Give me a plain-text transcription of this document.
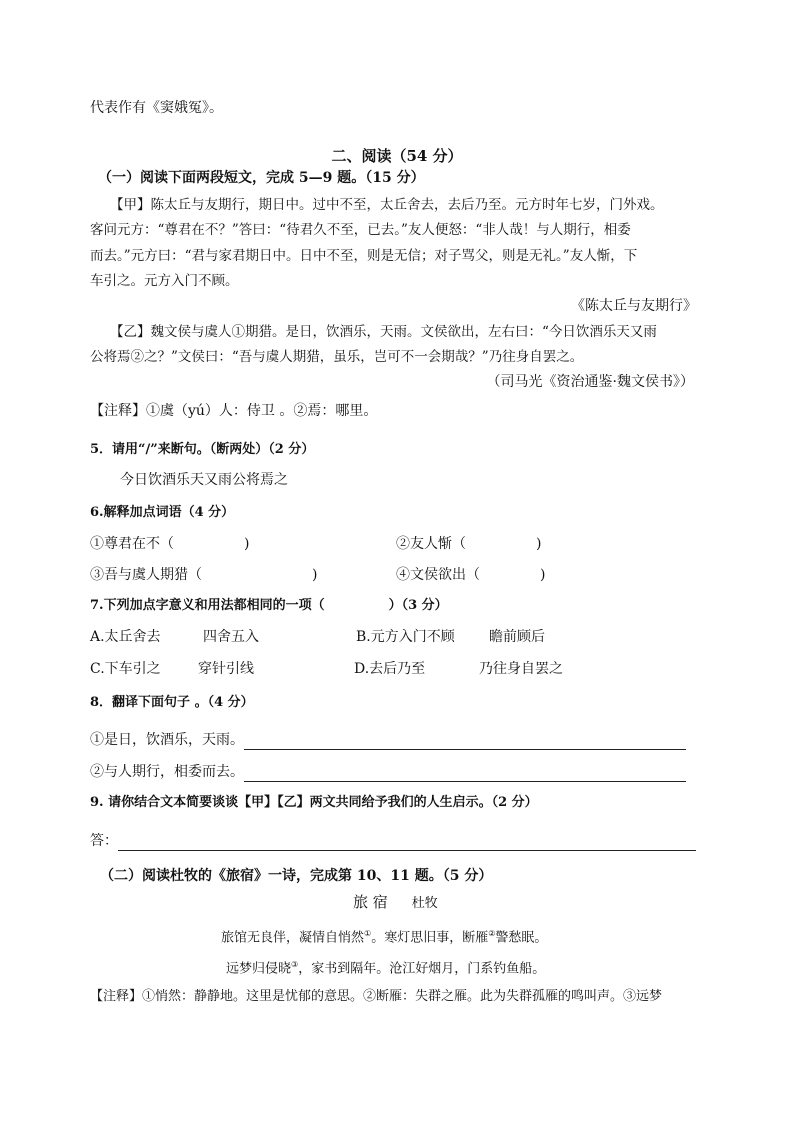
代表作有《窦娥冤》。
二、阅读（54 分）
（一）阅读下面两段短文，完成 5—9 题。（15 分）
【甲】陈太丘与友期行，期日中。过中不至，太丘舍去，去后乃至。元方时年七岁，门外戏。
客问元方：“尊君在不？”答曰：“待君久不至，已去。”友人便怒：“非人哉！与人期行，相委
而去。”元方曰：“君与家君期日中。日中不至，则是无信；对子骂父，则是无礼。”友人惭，下
车引之。元方入门不顾。
《陈太丘与友期行》
【乙】魏文侯与虞人①期猎。是日，饮酒乐，天雨。文侯欲出，左右曰：“今日饮酒乐天又雨
公将焉②之？”文侯曰：“吾与虞人期猎，虽乐，岂可不一会期哉？”乃往身自罢之。
（司马光《资治通鉴·魏文侯书》）
【注释】①虞（yú）人：侍卫 。②焉：哪里。
5．请用“/”来断句。（断两处）（2 分）
今日饮酒乐天又雨公将焉之
6.解释加点词语（4 分）
①尊君在不（	)	②友人惭（	)
③吾与虞人期猎（	)	④文侯欲出（	)
7.下列加点字意义和用法都相同的一项（	）（3 分）
A.太丘舍去	四舍五入	B.元方入门不顾 瞻前顾后
C.下车引之	穿针引线	D.去后乃至	乃往身自罢之
8．翻译下面句子 。（4 分）
①是日，饮酒乐，天雨。
②与人期行，相委而去。
9. 请你结合文本简要谈谈【甲】【乙】两文共同给予我们的人生启示。（2 分）
答：
（二）阅读杜牧的《旅宿》一诗，完成第 10、11 题。（5 分）
旅 宿 杜牧
旅馆无良伴，凝情自悄然①。寒灯思旧事，断雁②警愁眠。
远梦归侵晓③，家书到隔年。沧江好烟月，门系钓鱼船。
【注释】①悄然：静静地。这里是忧郁的意思。②断雁：失群之雁。此为失群孤雁的鸣叫声。③远梦
